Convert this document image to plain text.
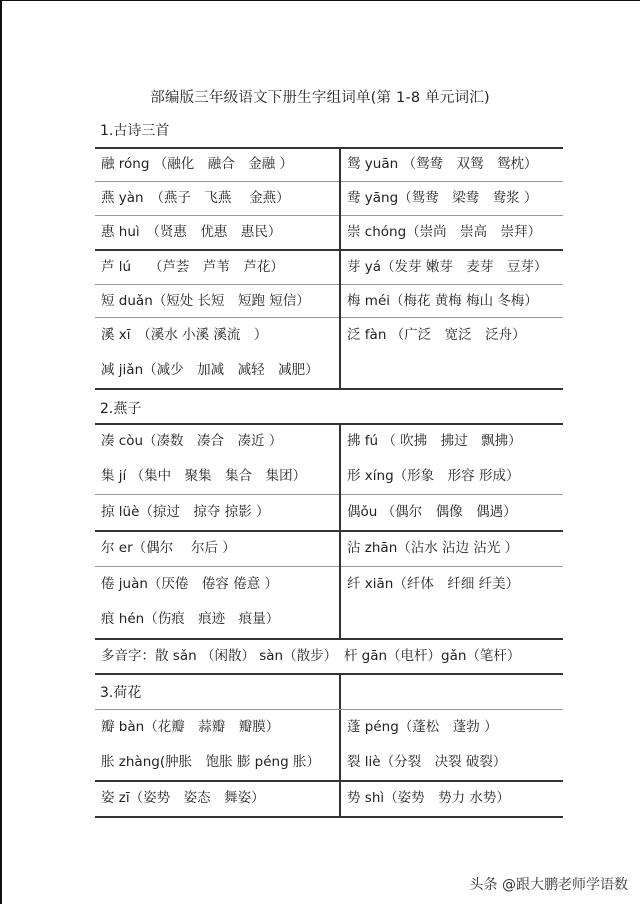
部编版三年级语文下册生字组词单(第 1-8 单元词汇)
1.古诗三首
融 róng （融化　融合　金融 ）
燕 yàn　（燕子　飞燕　 金燕）
惠 huì　（贤惠　优惠　惠民）
芦 lú　 （芦荟　芦苇　芦花）
短 duǎn（短处 长短　短跑 短信）
溪 xī　（溪水 小溪 溪流　）
减 jiǎn（减少　加减　减轻　减肥）
鸳 yuān （鸳鸯　双鸳　鸳枕）
鸯 yāng（鸳鸯　梁鸯　鸯浆 ）
崇 chóng（崇尚　崇高　崇拜）
芽 yá（发芽 嫩芽　麦芽　豆芽）
梅 méi（梅花 黄梅 梅山 冬梅）
泛 fàn （广泛　宽泛　泛舟）
2.燕子
凑 còu（凑数　凑合　凑近 ）
集 jí （集中　聚集　集合　集团）
掠 lüè（掠过　掠夺 掠影 ）
尔 er（偶尔　 尔后 ）
倦 juàn（厌倦　倦容 倦意 ）
痕 hén（伤痕　痕迹　痕量）
拂 fú （ 吹拂　拂过　飘拂）
形 xíng（形象　形容 形成）
偶ǒu （偶尔　偶像　偶遇）
沾 zhān（沾水 沾边 沾光 ）
纤 xiān（纤体　纤细 纤美）
多音字：散 sǎn （闲散） sàn（散步）　杆 gān（电杆）gǎn（笔杆）
3.荷花
瓣 bàn（花瓣　蒜瓣　瓣膜）
胀 zhàng(肿胀　饱胀 膨 péng 胀）
姿 zī（姿势　姿态　舞姿）
蓬 péng（蓬松　蓬勃 ）
裂 liè（分裂　决裂 破裂）
势 shì（姿势　势力 水势）
头条 @跟大鹏老师学语数
